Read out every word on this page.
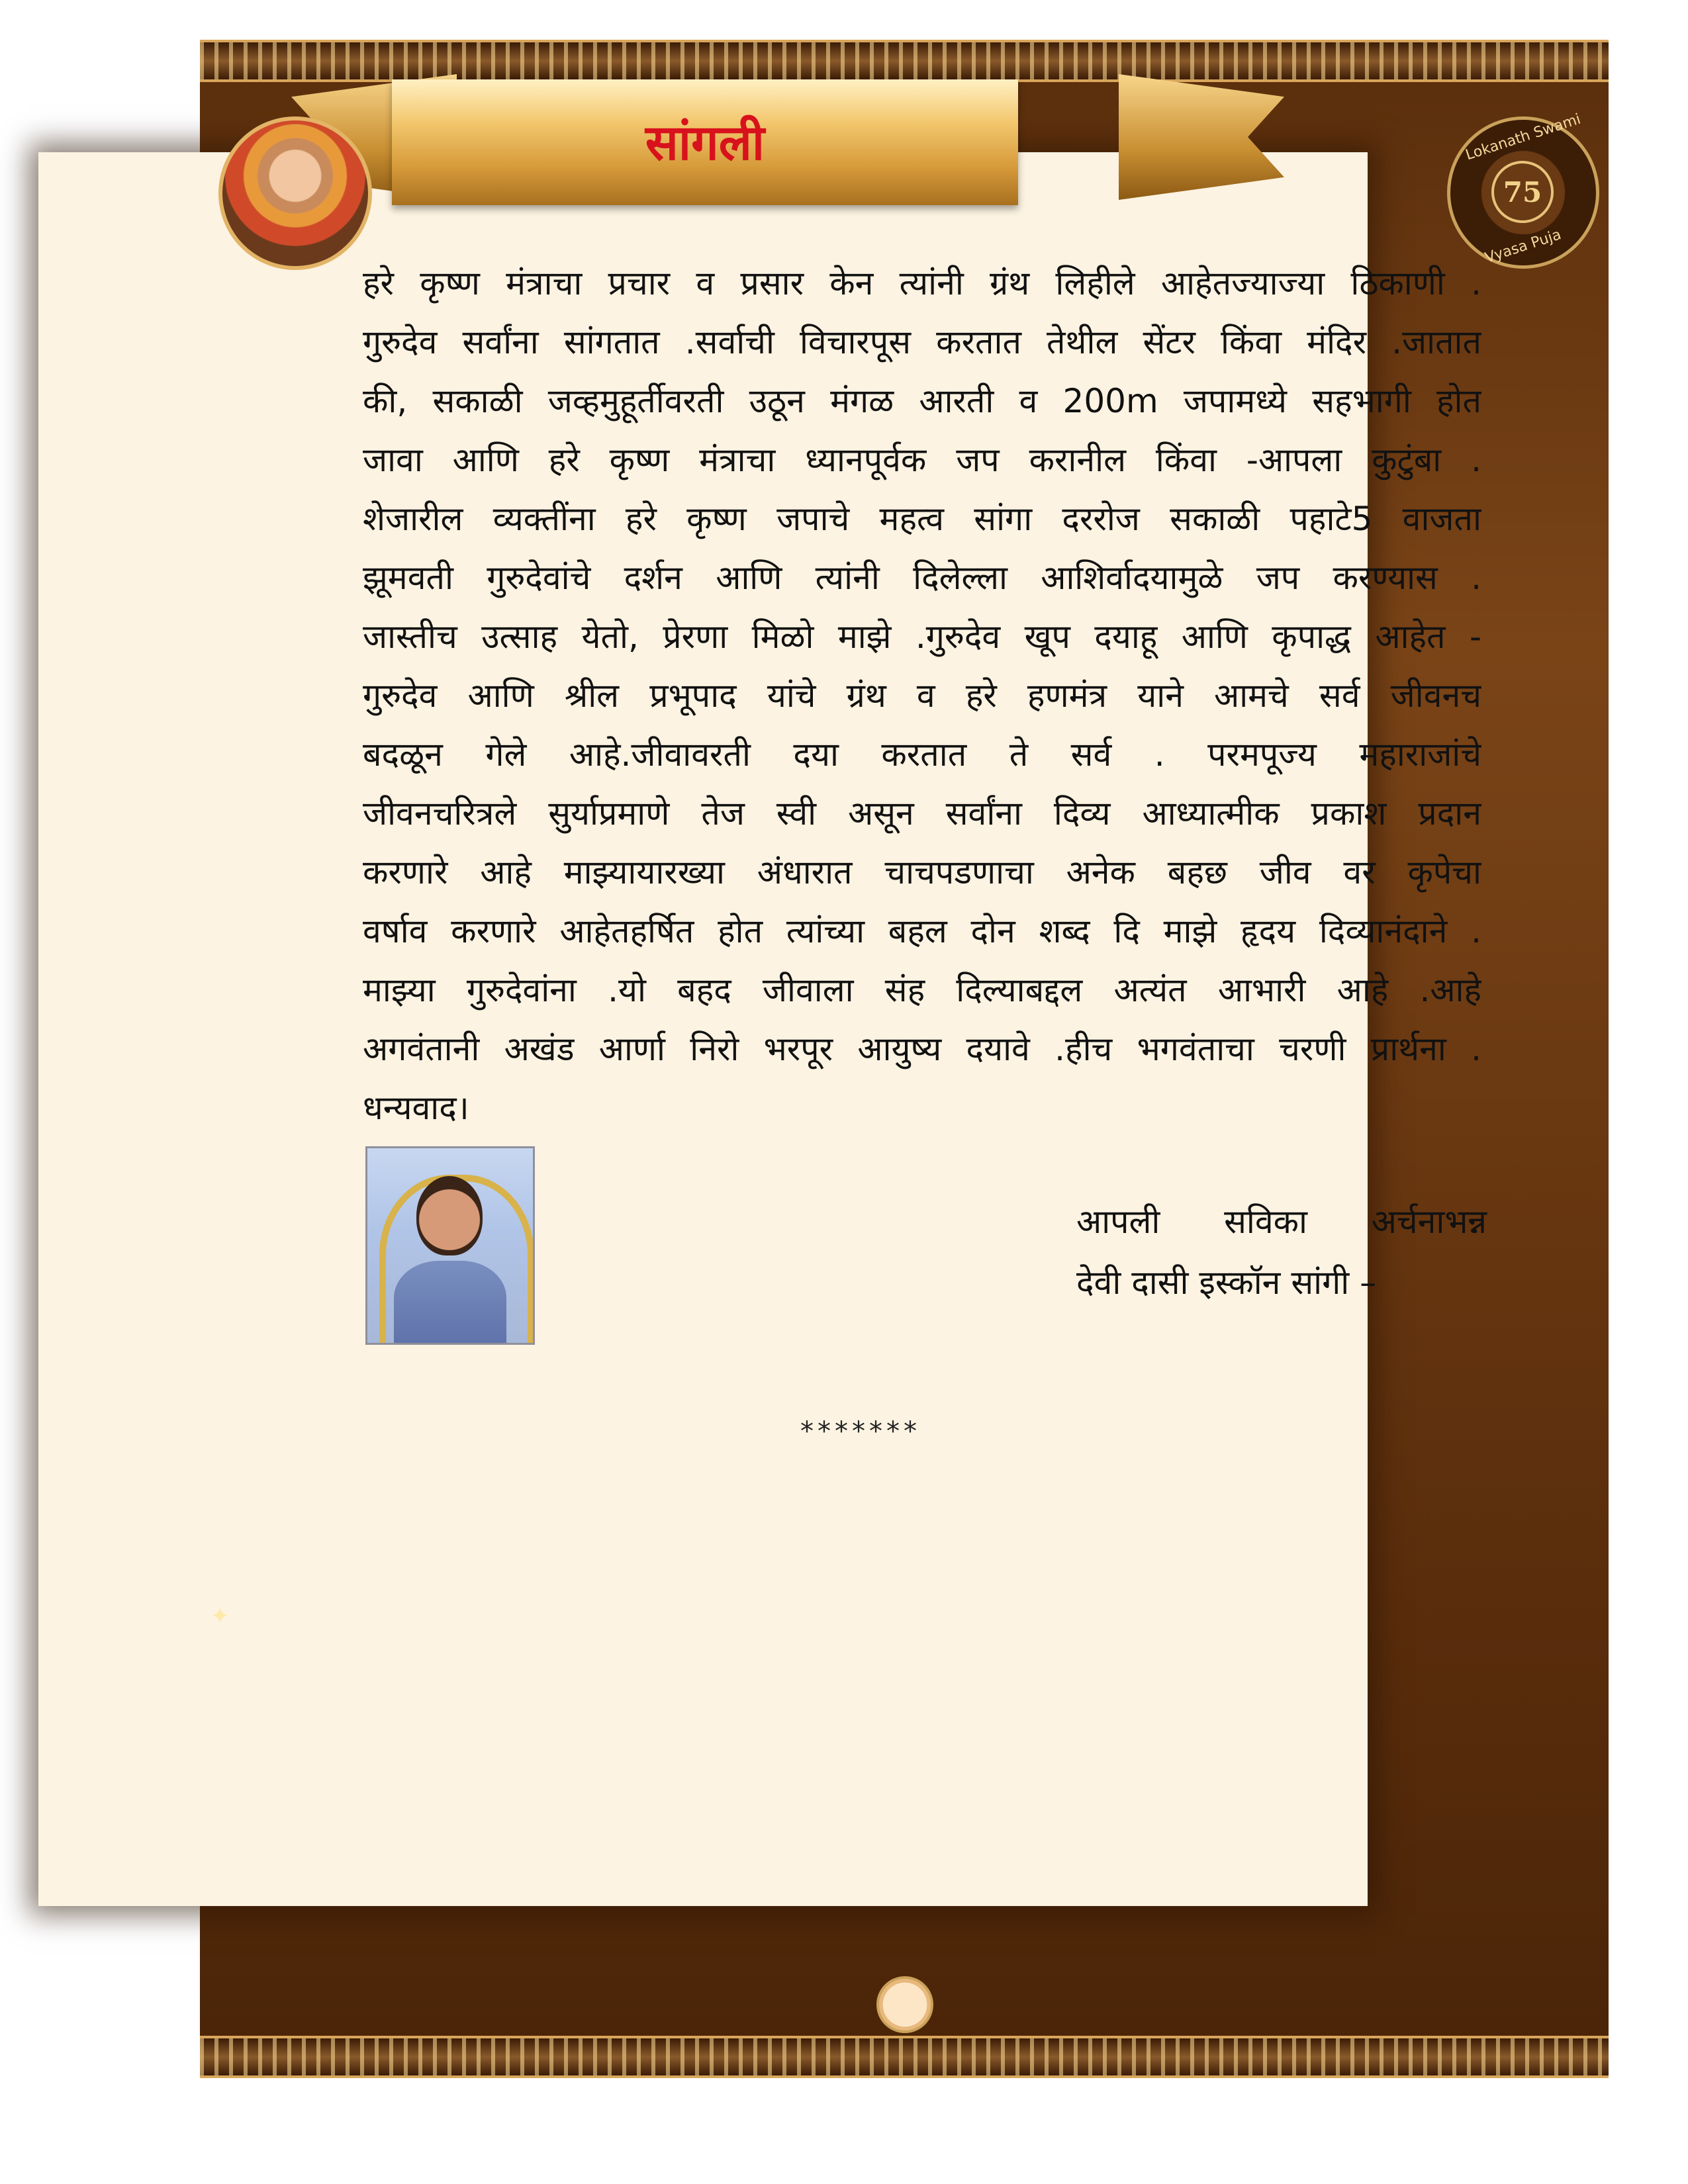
सांगली	Lokanath Swami
75
Vyasa Puja
हरे कृष्ण मंत्राचा प्रचार व प्रसार केन त्यांनी ग्रंथ लिहीले आहेतज्याज्या ठिकाणी .
गुरुदेव सर्वांना सांगतात .सर्वाची विचारपूस करतात तेथील सेंटर किंवा मंदिर .जातात
की, सकाळी जव्हमुहूर्तीवरती उठून मंगळ आरती व 200m जपामध्ये सहभागी होत
जावा आणि हरे कृष्ण मंत्राचा ध्यानपूर्वक जप करानील किंवा -आपला कुटुंबा .
शेजारील व्यक्तींना हरे कृष्ण जपाचे महत्व सांगा दररोज सकाळी पहाटे5 वाजता
झूमवती गुरुदेवांचे दर्शन आणि त्यांनी दिलेल्ला आशिर्वादयामुळे जप करण्यास .
जास्तीच उत्साह येतो, प्रेरणा मिळो माझे .गुरुदेव खूप दयाहू आणि कृपाद्ध आहेत -
गुरुदेव आणि श्रील प्रभूपाद यांचे ग्रंथ व हरे हणमंत्र याने आमचे सर्व जीवनच
बदळून गेले आहे.जीवावरती दया करतात ते सर्व . परमपूज्य महाराजांचे
जीवनचरित्रले सुर्याप्रमाणे तेज स्वी असून सर्वांना दिव्य आध्यात्मीक प्रकाश प्रदान
करणारे आहे माझ्यायारख्या अंधारात चाचपडणाचा अनेक बहछ जीव वर कृपेचा
वर्षाव करणारे आहेतहर्षित होत त्यांच्या बहल दोन शब्द दि माझे हृदय दिव्यानंदाने .
माझ्या गुरुदेवांना .यो बहद जीवाला संह दिल्याबद्दल अत्यंत आभारी आहे .आहे
अगवंतानी अखंड आर्णा निरो भरपूर आयुष्य दयावे .हीच भगवंताचा चरणी प्रार्थना .
धन्यवाद।
आपली सविका अर्चनाभन्न
देवी दासी इस्कॉन सांगी –
*******
✦
